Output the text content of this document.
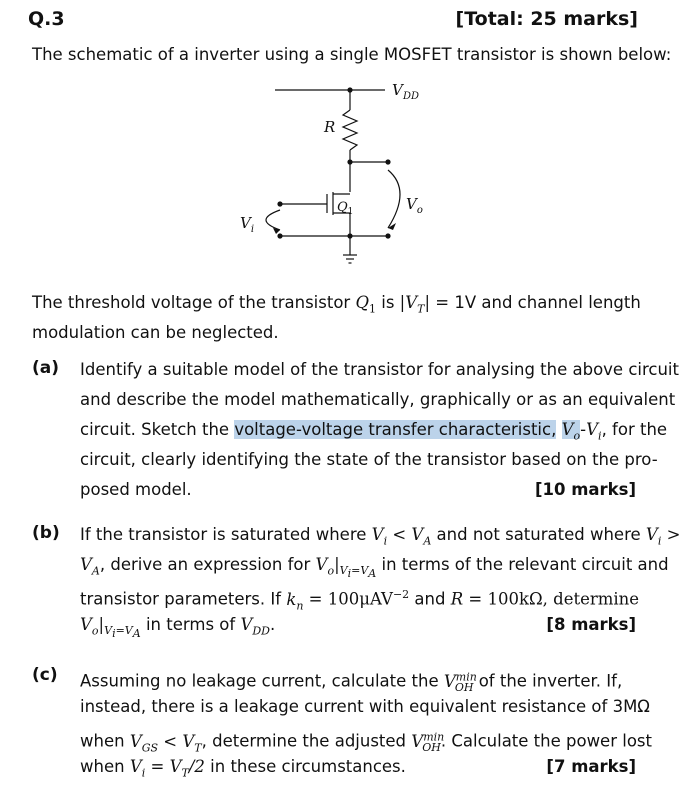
Q.3	[Total: 25 marks]
The schematic of a inverter using a single MOSFET transistor is shown below:
V
R
$Q_1$
$V_i$
$V_o$
DD
The threshold voltage of the transistor $Q_1$ is $|V_T| = 1V$ and channel length
modulation can be neglected.
(a) Identify a suitable model of the transistor for analysing the above circuit
and describe the model mathematically, graphically or as an equivalent
circuit. Sketch the voltage-voltage transfer characteristic, $V_o-V_i$, for the
circuit, clearly identifying the state of the transistor based on the pro-
posed model.	[10 marks]
(b) If the transistor is saturated where $V_i < V_A$ and not saturated where $V_i$ >
$V_A$, derive an expression for $V_o|_{V_i=V_A}$ in terms of the relevant circuit and
transistor parameters. If $k_n = 100\mu AV^{-2}$ and R = 100kΩ, determine
$V_o|_{V_i=V_A}$ in terms of $V_{DD}$.	[8 marks]
(c) Assuming no leakage current, calculate the $V^{min}_{OH}$ of the inverter. If,
instead, there is a leakage current with equivalent resistance of 3MΩ
when $V_{GS} < V_T$, determine the adjusted $V^{min}_{OH}$. Calculate the power lost
when $V_i = V_T/2$ in these circumstances.	[7 marks]
